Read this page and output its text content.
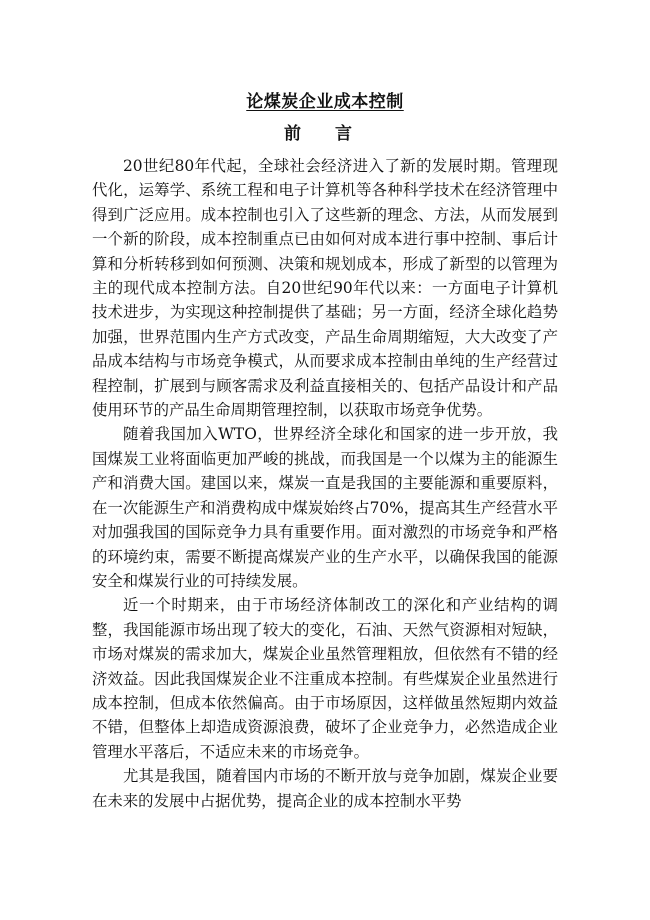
论煤炭企业成本控制
前 言

20世纪80年代起，全球社会经济进入了新的发展时期。管理现代化，运筹学、系统工程和电子计算机等各种科学技术在经济管理中得到广泛应用。成本控制也引入了这些新的理念、方法，从而发展到一个新的阶段，成本控制重点已由如何对成本进行事中控制、事后计算和分析转移到如何预测、决策和规划成本，形成了新型的以管理为主的现代成本控制方法。自20世纪90年代以来：一方面电子计算机技术进步，为实现这种控制提供了基础；另一方面，经济全球化趋势加强，世界范围内生产方式改变，产品生命周期缩短，大大改变了产品成本结构与市场竞争模式，从而要求成本控制由单纯的生产经营过程控制，扩展到与顾客需求及利益直接相关的、包括产品设计和产品使用环节的产品生命周期管理控制，以获取市场竞争优势。

随着我国加入WTO，世界经济全球化和国家的进一步开放，我国煤炭工业将面临更加严峻的挑战，而我国是一个以煤为主的能源生产和消费大国。建国以来，煤炭一直是我国的主要能源和重要原料，在一次能源生产和消费构成中煤炭始终占70%，提高其生产经营水平对加强我国的国际竞争力具有重要作用。面对激烈的市场竞争和严格的环境约束，需要不断提高煤炭产业的生产水平，以确保我国的能源安全和煤炭行业的可持续发展。

近一个时期来，由于市场经济体制改工的深化和产业结构的调整，我国能源市场出现了较大的变化，石油、天然气资源相对短缺，市场对煤炭的需求加大，煤炭企业虽然管理粗放，但依然有不错的经济效益。因此我国煤炭企业不注重成本控制。有些煤炭企业虽然进行成本控制，但成本依然偏高。由于市场原因，这样做虽然短期内效益不错，但整体上却造成资源浪费，破坏了企业竞争力，必然造成企业管理水平落后，不适应未来的市场竞争。

尤其是我国，随着国内市场的不断开放与竞争加剧，煤炭企业要在未来的发展中占据优势，提高企业的成本控制水平势
